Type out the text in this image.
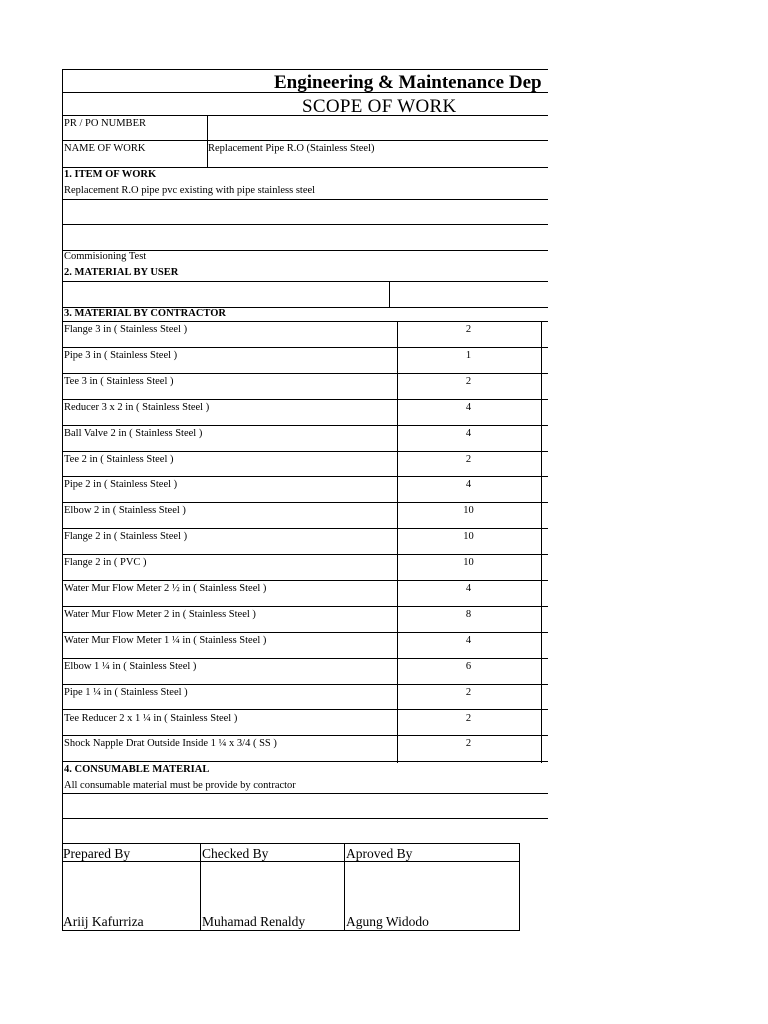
Engineering & Maintenance Dep
SCOPE OF WORK
PR / PO NUMBER
NAME OF WORK	Replacement Pipe R.O (Stainless Steel)
1. ITEM OF WORK
Replacement R.O pipe pvc existing with pipe stainless steel
Commisioning Test
2. MATERIAL BY USER
3. MATERIAL BY CONTRACTOR
Flange 3 in ( Stainless Steel )	2
Pipe 3 in ( Stainless Steel )	1
Tee 3 in ( Stainless Steel )	2
Reducer 3 x 2 in ( Stainless Steel )	4
Ball Valve 2 in ( Stainless Steel )	4
Tee 2 in ( Stainless Steel )	2
Pipe 2 in ( Stainless Steel )	4
Elbow 2 in ( Stainless Steel )	10
Flange 2 in ( Stainless Steel )	10
Flange 2 in ( PVC )	10
Water Mur Flow Meter 2 ½ in ( Stainless Steel )	4
Water Mur Flow Meter 2 in ( Stainless Steel )	8
Water Mur Flow Meter 1 ¼ in ( Stainless Steel )	4
Elbow 1 ¼ in ( Stainless Steel )	6
Pipe 1 ¼ in ( Stainless Steel )	2
Tee Reducer 2 x 1 ¼ in ( Stainless Steel )	2
Shock Napple Drat Outside Inside 1 ¼ x 3/4 ( SS )	2
4. CONSUMABLE MATERIAL
All consumable material must be provide by contractor
Prepared By	Checked By	Aproved By
Ariij Kafurriza	Muhamad Renaldy	Agung Widodo
